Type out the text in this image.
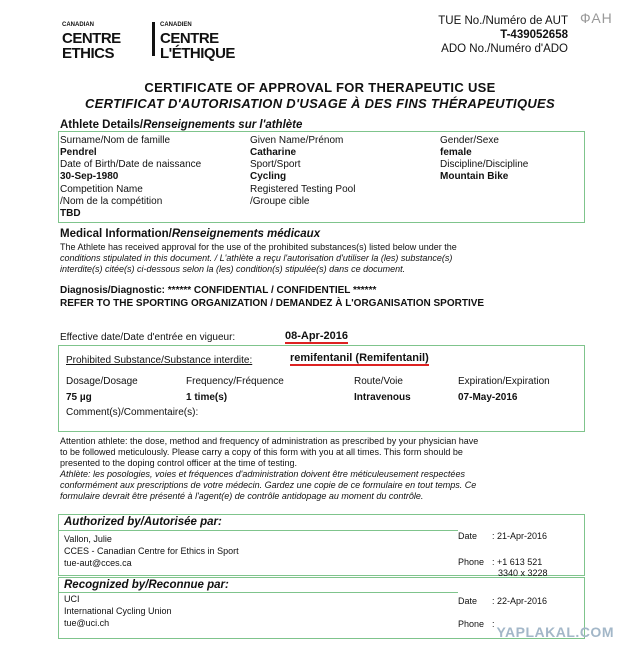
CANADIAN
CENTRE
ETHICS
CANADIEN
CENTRE
L'ÉTHIQUE
TUE No./Numéro de AUT
T-439052658
ADO No./Numéro d'ADO
ФАН
CERTIFICATE OF APPROVAL FOR THERAPEUTIC USE
CERTIFICAT D'AUTORISATION D'USAGE À DES FINS THÉRAPEUTIQUES
Athlete Details/Renseignements sur l'athlète
Surname/Nom de famille
Pendrel
Given Name/Prénom
Catharine
Gender/Sexe
female
Date of Birth/Date de naissance
30-Sep-1980
Sport/Sport
Cycling
Discipline/Discipline
Mountain Bike
Competition Name
/Nom de la compétition
TBD
Registered Testing Pool
/Groupe cible
Medical Information/Renseignements médicaux
The Athlete has received approval for the use of the prohibited substances(s) listed below under the
conditions stipulated in this document. / L'athlète a reçu l'autorisation d'utiliser la (les) substance(s)
interdite(s) citée(s) ci-dessous selon la (les) condition(s) stipulée(s) dans ce document.
Diagnosis/Diagnostic: ****** CONFIDENTIAL / CONFIDENTIEL ******
REFER TO THE SPORTING ORGANIZATION / DEMANDEZ À L'ORGANISATION SPORTIVE
Effective date/Date d'entrée en vigueur:	08-Apr-2016
Prohibited Substance/Substance interdite:	remifentanil (Remifentanil)
Dosage/Dosage
75 µg
Frequency/Fréquence
1 time(s)
Route/Voie
Intravenous
Expiration/Expiration
07-May-2016
Comment(s)/Commentaire(s):
Attention athlete: the dose, method and frequency of administration as prescribed by your physician have
to be followed meticulously. Please carry a copy of this form with you at all times. This form should be
presented to the doping control officer at the time of testing.
Athlète: les posologies, voies et fréquences d'administration doivent être méticuleusement respectées
conformément aux prescriptions de votre médecin. Gardez une copie de ce formulaire en tout temps. Ce
formulaire devrait être présenté à l'agent(e) de contrôle antidopage au moment du contrôle.
Authorized by/Autorisée par:
Vallon, Julie
CCES - Canadian Centre for Ethics in Sport
tue-aut@cces.ca
Date : 21-Apr-2016
Phone : +1 613 521
3340 x 3228
Recognized by/Reconnue par:
UCI
International Cycling Union
tue@uci.ch
Date : 22-Apr-2016
Phone : YAPLAKAL.COM
